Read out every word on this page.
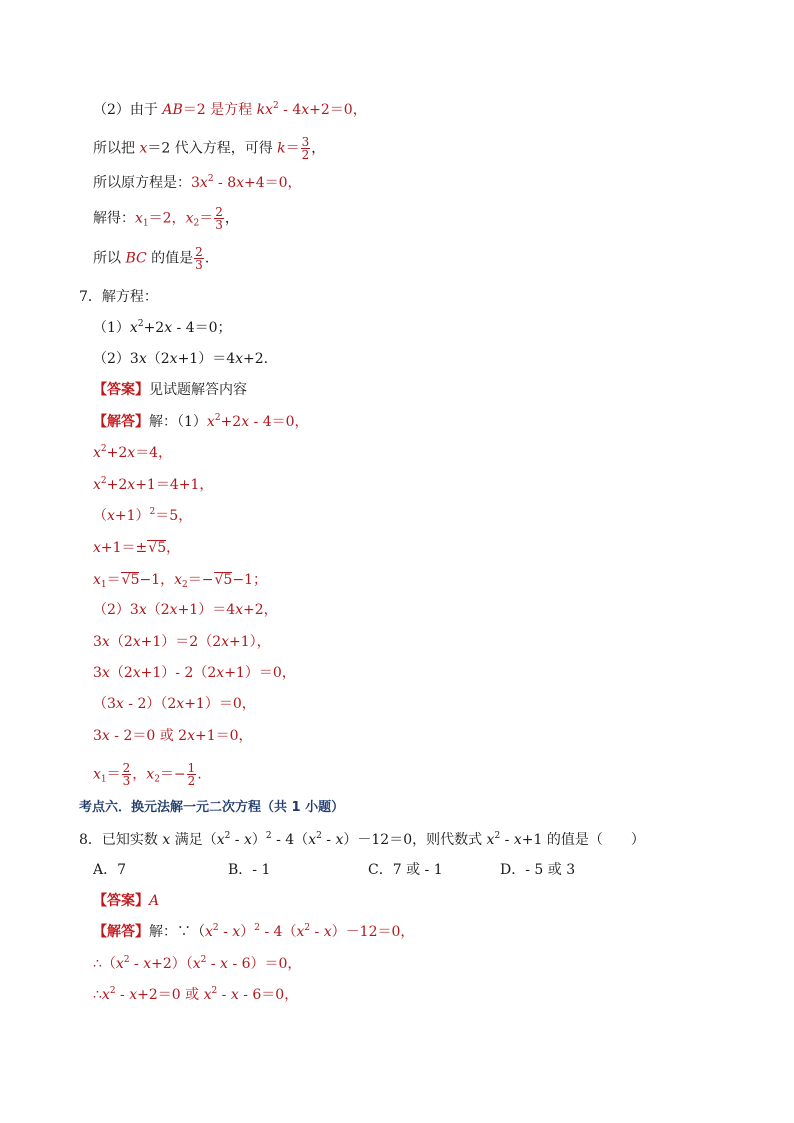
（2）由于 AB＝2 是方程 $kx^2 - 4x+2=0$，
所以把 x＝2 代入方程，可得 $k= \frac{3}{2}$ ，
所以原方程是：$3x^2 - 8x+4=0$，
解得：$x_1=2$，$x_2= \frac{2}{3}$ ，
所以 BC 的值是 $\frac{2}{3}$ .
7．解方程：
$(1)x^2+2x - 4=0$；
（2）3x（2x+1）＝4x+2.
【答案】见试题解答内容
【解答】解：$(1)x^2+2x - 4=0$，
$x^2+2x=4$，
$x^2+2x+1=4+1$，
$(x+1)^2=5$，
x+1＝±√5，
$x_1=√5-1$，$x_2=-√5-1$；
（2）3x（2x+1）＝4x+2，
3x（2x+1）＝2（2x+1），
3x（2x+1）- 2（2x+1）＝0，
（3x - 2）（2x+1）＝0，
3x - 2＝0 或 2x+1＝0，
$x_1= \frac{2}{3}$ ，$x_2=- \frac{1}{2}$ .
考点六．换元法解一元二次方程（共 1 小题）
8．已知实数 x 满足$(x^2 - x)^2 - 4(x^2 - x)-12=0$，则代数式 $x^2 - x+1$ 的值是（　　）
A．7	B．- 1	C．7 或 - 1	D．- 5 或 3
【答案】A
【解答】解：$\because(x^2 - x)^2 - 4(x^2 - x)-12=0$，
$\therefore(x^2 - x+2)(x^2 - x - 6)=0$，
$\therefore x^2 - x+2=0$ 或 $x^2 - x - 6=0$，
